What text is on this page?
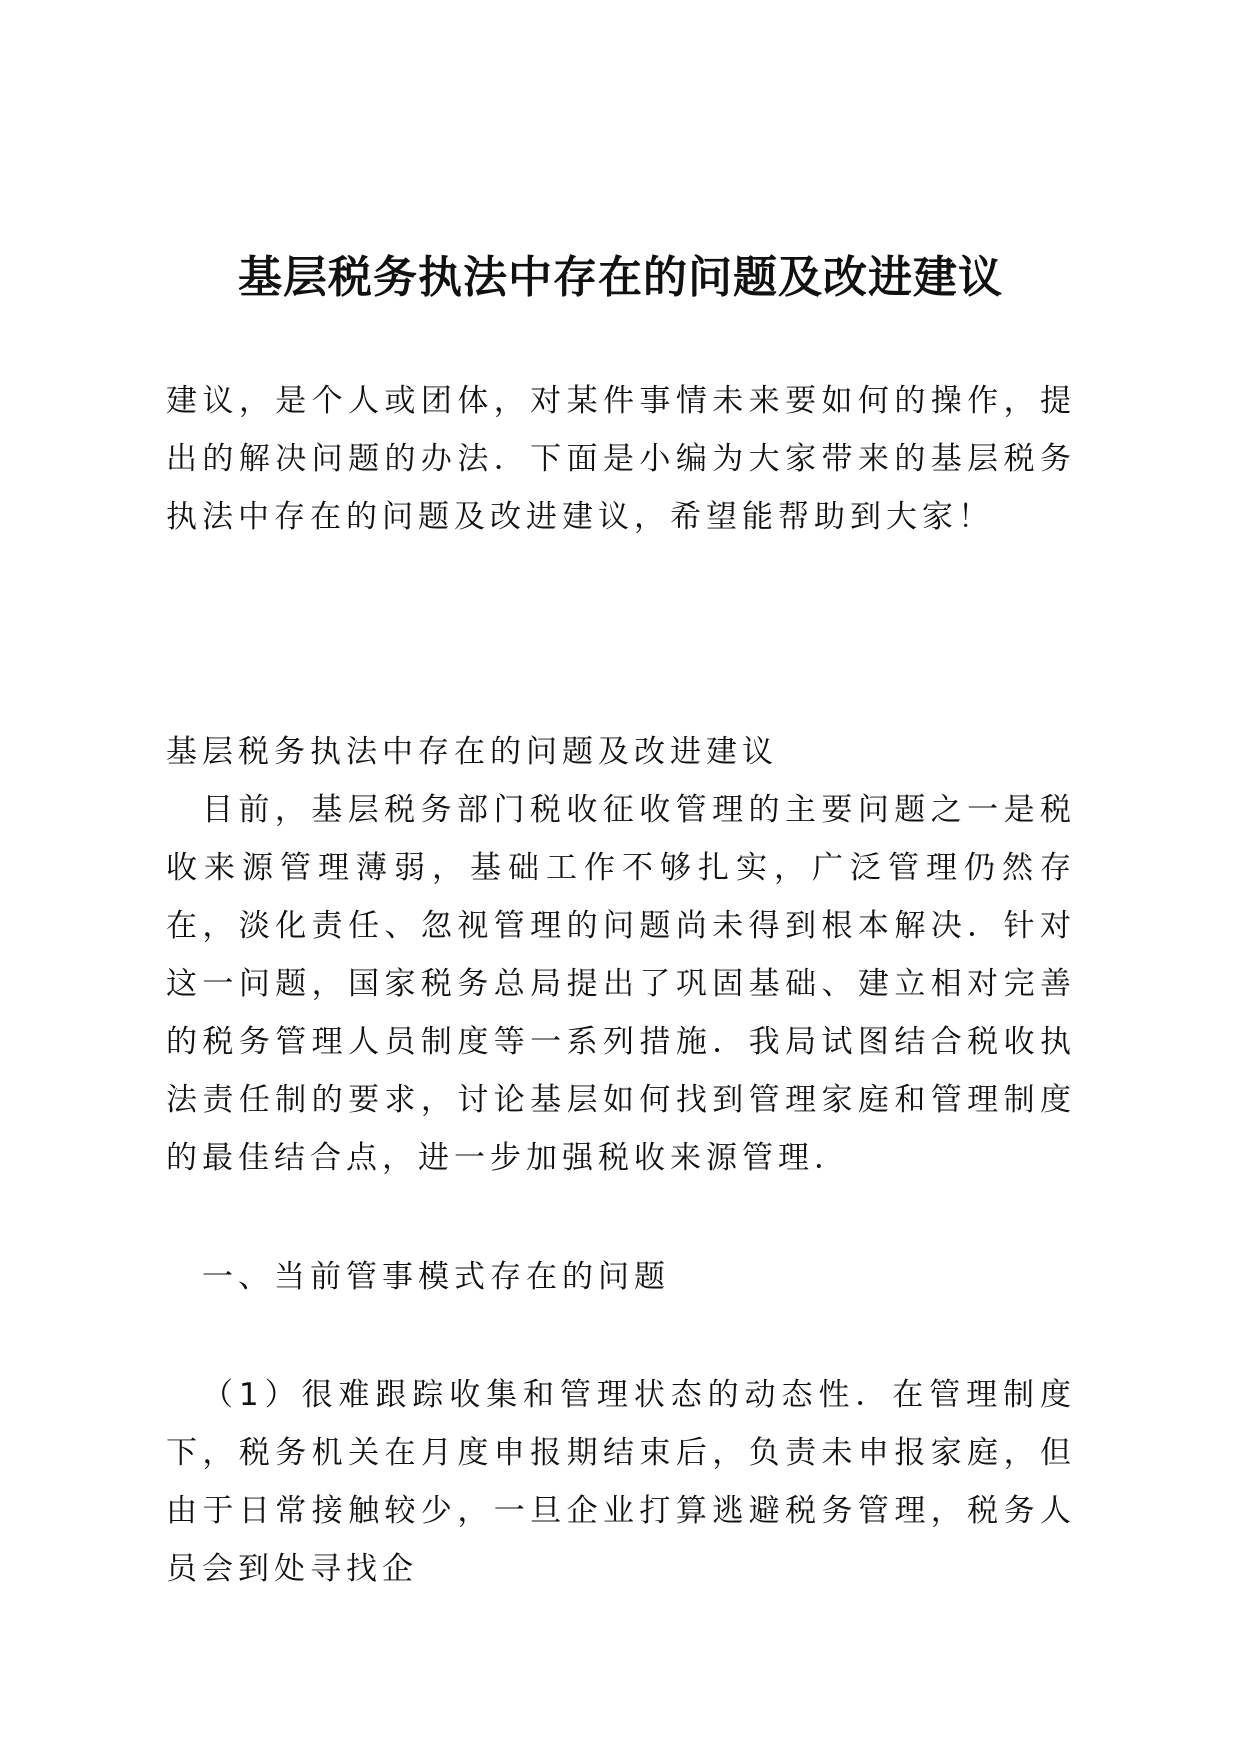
基层税务执法中存在的问题及改进建议

建议，是个人或团体，对某件事情未来要如何的操作，提出的解决问题的办法．下面是小编为大家带来的基层税务执法中存在的问题及改进建议，希望能帮助到大家！

基层税务执法中存在的问题及改进建议

目前，基层税务部门税收征收管理的主要问题之一是税收来源管理薄弱，基础工作不够扎实，广泛管理仍然存在，淡化责任、忽视管理的问题尚未得到根本解决．针对这一问题，国家税务总局提出了巩固基础、建立相对完善的税务管理人员制度等一系列措施．我局试图结合税收执法责任制的要求，讨论基层如何找到管理家庭和管理制度的最佳结合点，进一步加强税收来源管理．

一、当前管事模式存在的问题

（1）很难跟踪收集和管理状态的动态性．在管理制度下，税务机关在月度申报期结束后，负责未申报家庭，但由于日常接触较少，一旦企业打算逃避税务管理，税务人员会到处寻找企
